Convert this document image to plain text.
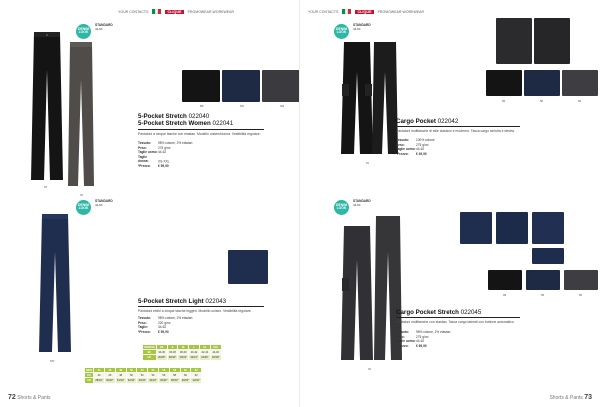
YOUR CONTACTS	CLIQUE	PROMOWEAR WORKWEAR
DENIM
LOOK
STANDARD
44-60
58
95
BK	DN	GR
5-Pocket Stretch 022040
5-Pocket Stretch Women 022041
Pantaloni a cinque tasche con elastan. Modello unisex/donna. Vestibilità regolare.
Tessuto: 98% cotone, 2% elastan
Peso:	275 g/m²
Taglie uomo:44-62
Taglie donna:	XS-XXL
*Prezzo: € 59,90
DENIM
LOOK
STANDARD
44-60
580
5-Pocket Stretch Light 022043
Pantaloni estivi a cinque tasche leggeri. Modello unisex. Vestibilità regolare.
Tessuto: 98% cotone, 2% elastan
Peso:	220 g/m²
Taglie:	44-62
*Prezzo: € 59,90
WOMAN	XS	S	M	L	XL	XXL
EU	34-36	36-38	38-40	40-42	42-44	44-46
UK	26/28"	28/30"	30/32"	32/34"	34/36"	36/38"
MEN	44	46	48	50	52	54	56	58	60	62
EU	44	46	48	50	52	54	56	58	60	62
UK	28/32"	30/32"	31/32"	32/32"	33/32"	34/32"	36/32"	38/32"	40/32"	42/32"
72 Shorts & Pants
YOUR CONTACTS	CLIQUE	PROMOWEAR WORKWEAR
DENIM
LOOK
STANDARD
44-60
99
99	58	95
Cargo Pocket 022042
Pantaloni multitasche di stile classico e moderno. Tasca cargo sinistra e destra.
Tessuto: 100% cotone
Peso:	275 g/m²
Taglie uomo:44-62
*Prezzo: € 49,90
DENIM
LOOK
STANDARD
44-60
99
99	58	95
Cargo Pocket Stretch 022045
Pantaloni multitasche con elastan. Tasca cargo laterali con bottone automatico.
Tessuto: 98% cotone, 2% elastan
Peso:	275 g/m²
Taglie uomo:44-62
*Prezzo: € 69,90
Shorts & Pants 73
